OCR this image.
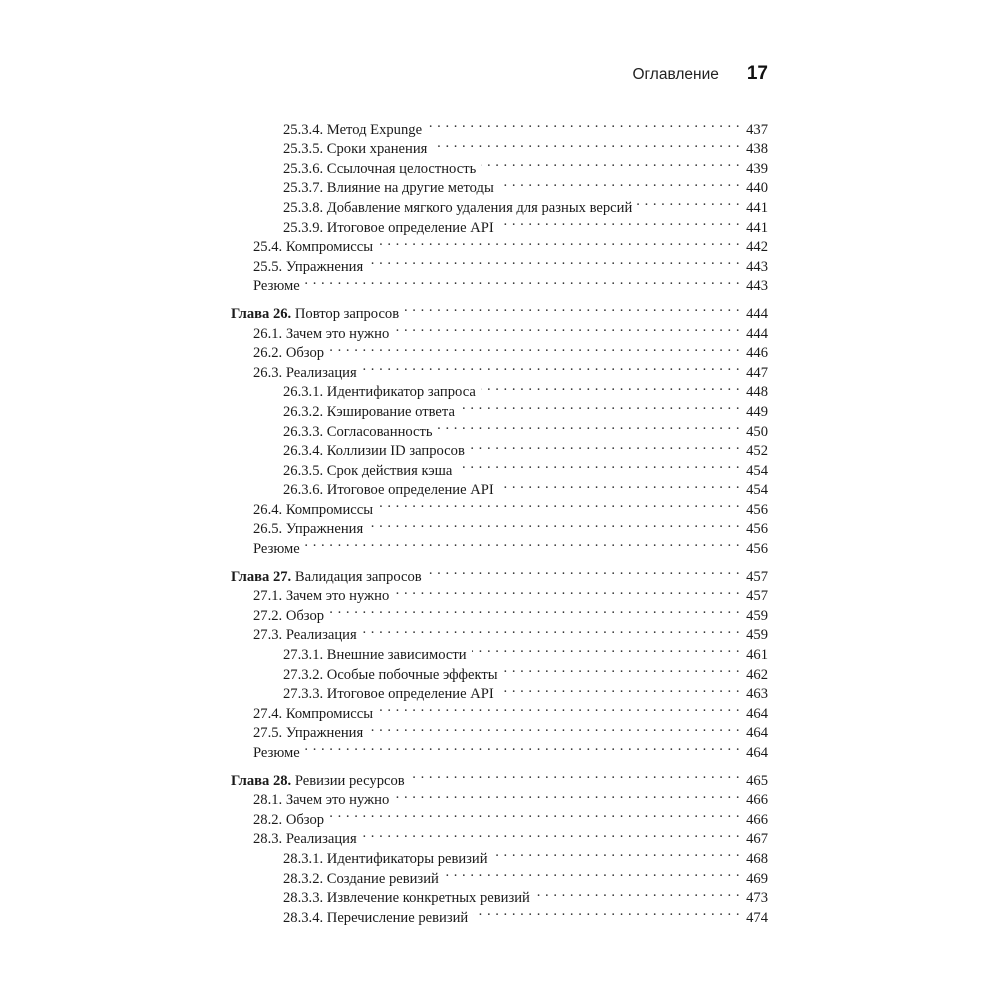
Оглавление 17
25.3.4. Метод Expunge . . .	437
25.3.5. Сроки хранения . . .	438
25.3.6. Ссылочная целостность . . .	439
25.3.7. Влияние на другие методы . . .	440
25.3.8. Добавление мягкого удаления для разных версий . . .	441
25.3.9. Итоговое определение API . . .	441
25.4. Компромиссы . . .	442
25.5. Упражнения . . .	443
Резюме . . .	443
Глава 26. Повтор запросов . . .	444
26.1. Зачем это нужно . . .	444
26.2. Обзор . . .	446
26.3. Реализация . . .	447
26.3.1. Идентификатор запроса . . .	448
26.3.2. Кэширование ответа . . .	449
26.3.3. Согласованность . . .	450
26.3.4. Коллизии ID запросов . . .	452
26.3.5. Срок действия кэша . . .	454
26.3.6. Итоговое определение API . . .	454
26.4. Компромиссы . . .	456
26.5. Упражнения . . .	456
Резюме . . .	456
Глава 27. Валидация запросов . . .	457
27.1. Зачем это нужно . . .	457
27.2. Обзор . . .	459
27.3. Реализация . . .	459
27.3.1. Внешние зависимости . . .	461
27.3.2. Особые побочные эффекты . . .	462
27.3.3. Итоговое определение API . . .	463
27.4. Компромиссы . . .	464
27.5. Упражнения . . .	464
Резюме . . .	464
Глава 28. Ревизии ресурсов . . .	465
28.1. Зачем это нужно . . .	466
28.2. Обзор . . .	466
28.3. Реализация . . .	467
28.3.1. Идентификаторы ревизий . . .	468
28.3.2. Создание ревизий . . .	469
28.3.3. Извлечение конкретных ревизий . . .	473
28.3.4. Перечисление ревизий . . .	474
